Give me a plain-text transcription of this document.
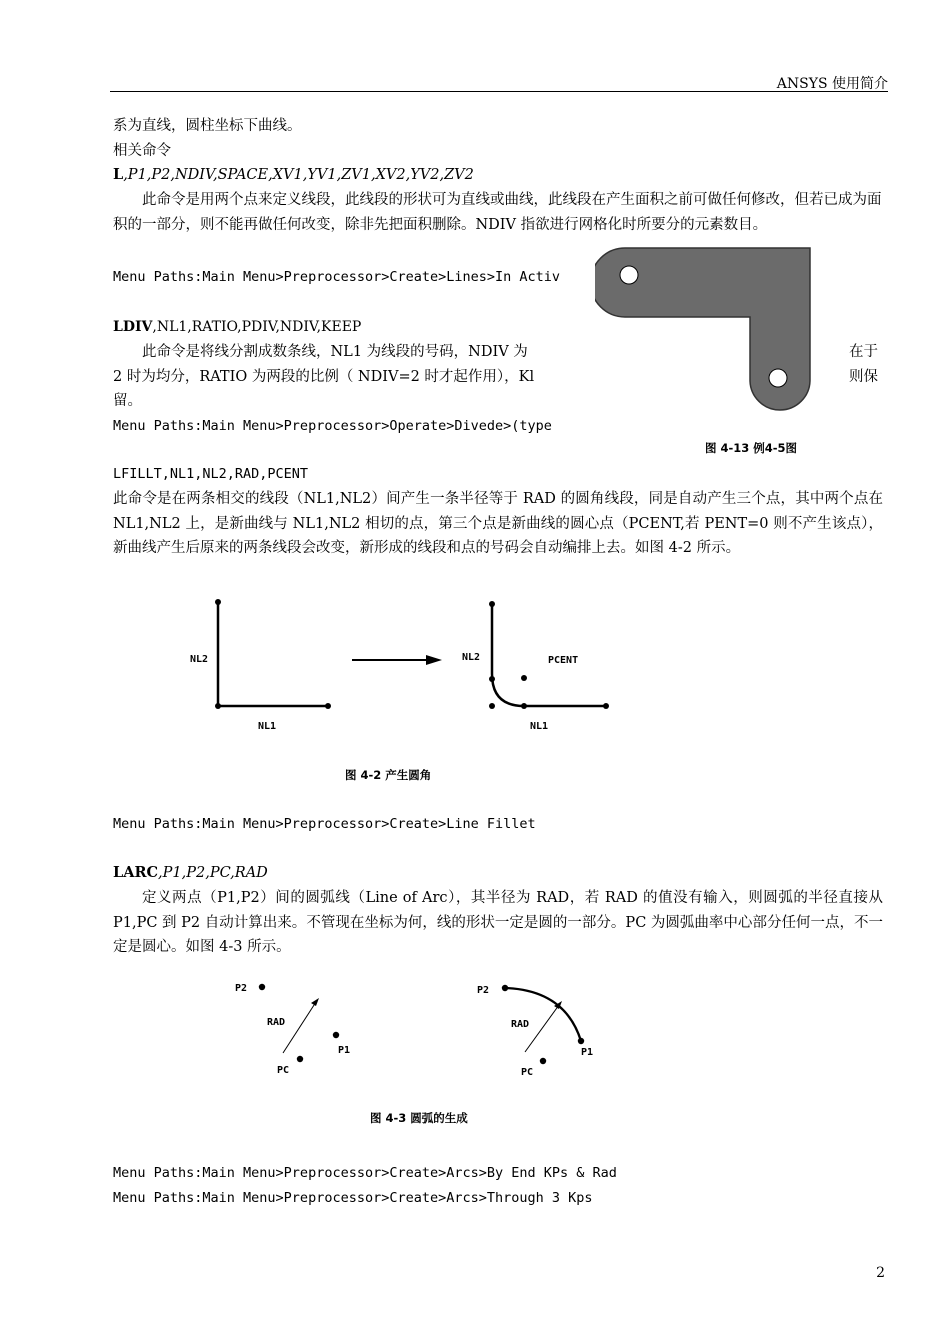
ANSYS 使用简介
系为直线，圆柱坐标下曲线。
相关命令
L,P1,P2,NDIV,SPACE,XV1,YV1,ZV1,XV2,YV2,ZV2
此命令是用两个点来定义线段，此线段的形状可为直线或曲线，此线段在产生面积之前可做任何修改，但若已成为面积的一部分，则不能再做任何改变，除非先把面积删除。NDIV 指欲进行网格化时所要分的元素数目。
Menu Paths:Main Menu>Preprocessor>Create>Lines>In Activ
图 4-13 例4-5图
LDIV,NL1,RATIO,PDIV,NDIV,KEEP
此命令是将线分割成数条线，NL1 为线段的号码，NDIV 为	在于
2 时为均分，RATIO 为两段的比例（ NDIV=2 时才起作用），Kl	则保
留。
Menu Paths:Main Menu>Preprocessor>Operate>Divede>(type
LFILLT,NL1,NL2,RAD,PCENT
此命令是在两条相交的线段（NL1,NL2）间产生一条半径等于 RAD 的圆角线段，同是自动产生三个点，其中两个点在 NL1,NL2 上，是新曲线与 NL1,NL2 相切的点，第三个点是新曲线的圆心点（PCENT,若 PENT=0 则不产生该点），新曲线产生后原来的两条线段会改变，新形成的线段和点的号码会自动编排上去。如图 4-2 所示。
NL2
NL1
NL2
NL1
PCENT
图 4-2 产生圆角
Menu Paths:Main Menu>Preprocessor>Create>Line Fillet
LARC,P1,P2,PC,RAD
定义两点（P1,P2）间的圆弧线（Line of Arc），其半径为 RAD，若 RAD 的值没有输入，则圆弧的半径直接从 P1,PC 到 P2 自动计算出来。不管现在坐标为何，线的形状一定是圆的一部分。PC 为圆弧曲率中心部分任何一点，不一定是圆心。如图 4-3 所示。
P2
RAD
P1
PC
P2
RAD
P1
PC
图 4-3 圆弧的生成
Menu Paths:Main Menu>Preprocessor>Create>Arcs>By End KPs & Rad
Menu Paths:Main Menu>Preprocessor>Create>Arcs>Through 3 Kps
2
